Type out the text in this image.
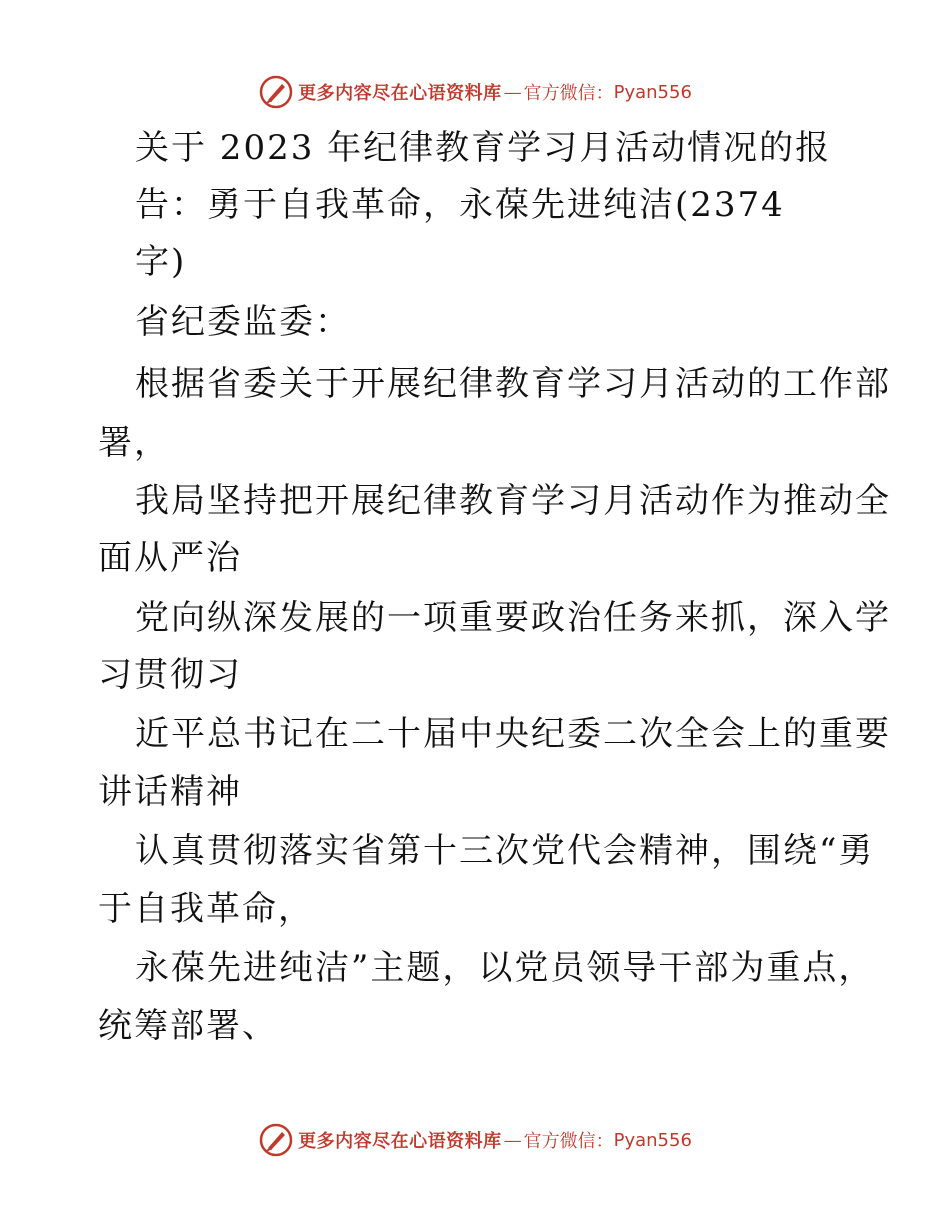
更多内容尽在心语资料库 — 官方微信： Pyan556
关于 2023 年纪律教育学习月活动情况的报
告：勇于自我革命，永葆先进纯洁(2374
字)
省纪委监委：
根据省委关于开展纪律教育学习月活动的工作部
署，
我局坚持把开展纪律教育学习月活动作为推动全
面从严治
党向纵深发展的一项重要政治任务来抓，深入学
习贯彻习
近平总书记在二十届中央纪委二次全会上的重要
讲话精神
认真贯彻落实省第十三次党代会精神，围绕“勇
于自我革命，
永葆先进纯洁”主题，以党员领导干部为重点，
统筹部署、
更多内容尽在心语资料库 — 官方微信： Pyan556
